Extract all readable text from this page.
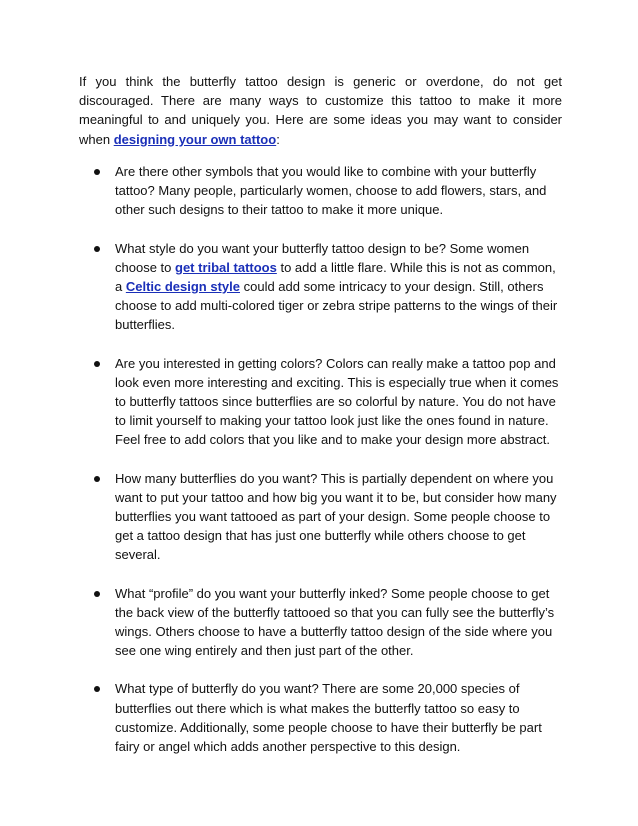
If you think the butterfly tattoo design is generic or overdone, do not get discouraged. There are many ways to customize this tattoo to make it more meaningful to and uniquely you. Here are some ideas you may want to consider when designing your own tattoo:

Are there other symbols that you would like to combine with your butterfly tattoo? Many people, particularly women, choose to add flowers, stars, and other such designs to their tattoo to make it more unique.
What style do you want your butterfly tattoo design to be? Some women choose to get tribal tattoos to add a little flare. While this is not as common, a Celtic design style could add some intricacy to your design. Still, others choose to add multi-colored tiger or zebra stripe patterns to the wings of their butterflies.
Are you interested in getting colors? Colors can really make a tattoo pop and look even more interesting and exciting. This is especially true when it comes to butterfly tattoos since butterflies are so colorful by nature. You do not have to limit yourself to making your tattoo look just like the ones found in nature. Feel free to add colors that you like and to make your design more abstract.
How many butterflies do you want? This is partially dependent on where you want to put your tattoo and how big you want it to be, but consider how many butterflies you want tattooed as part of your design. Some people choose to get a tattoo design that has just one butterfly while others choose to get several.
What “profile” do you want your butterfly inked? Some people choose to get the back view of the butterfly tattooed so that you can fully see the butterfly’s wings. Others choose to have a butterfly tattoo design of the side where you see one wing entirely and then just part of the other.
What type of butterfly do you want? There are some 20,000 species of butterflies out there which is what makes the butterfly tattoo so easy to customize. Additionally, some people choose to have their butterfly be part fairy or angel which adds another perspective to this design.
